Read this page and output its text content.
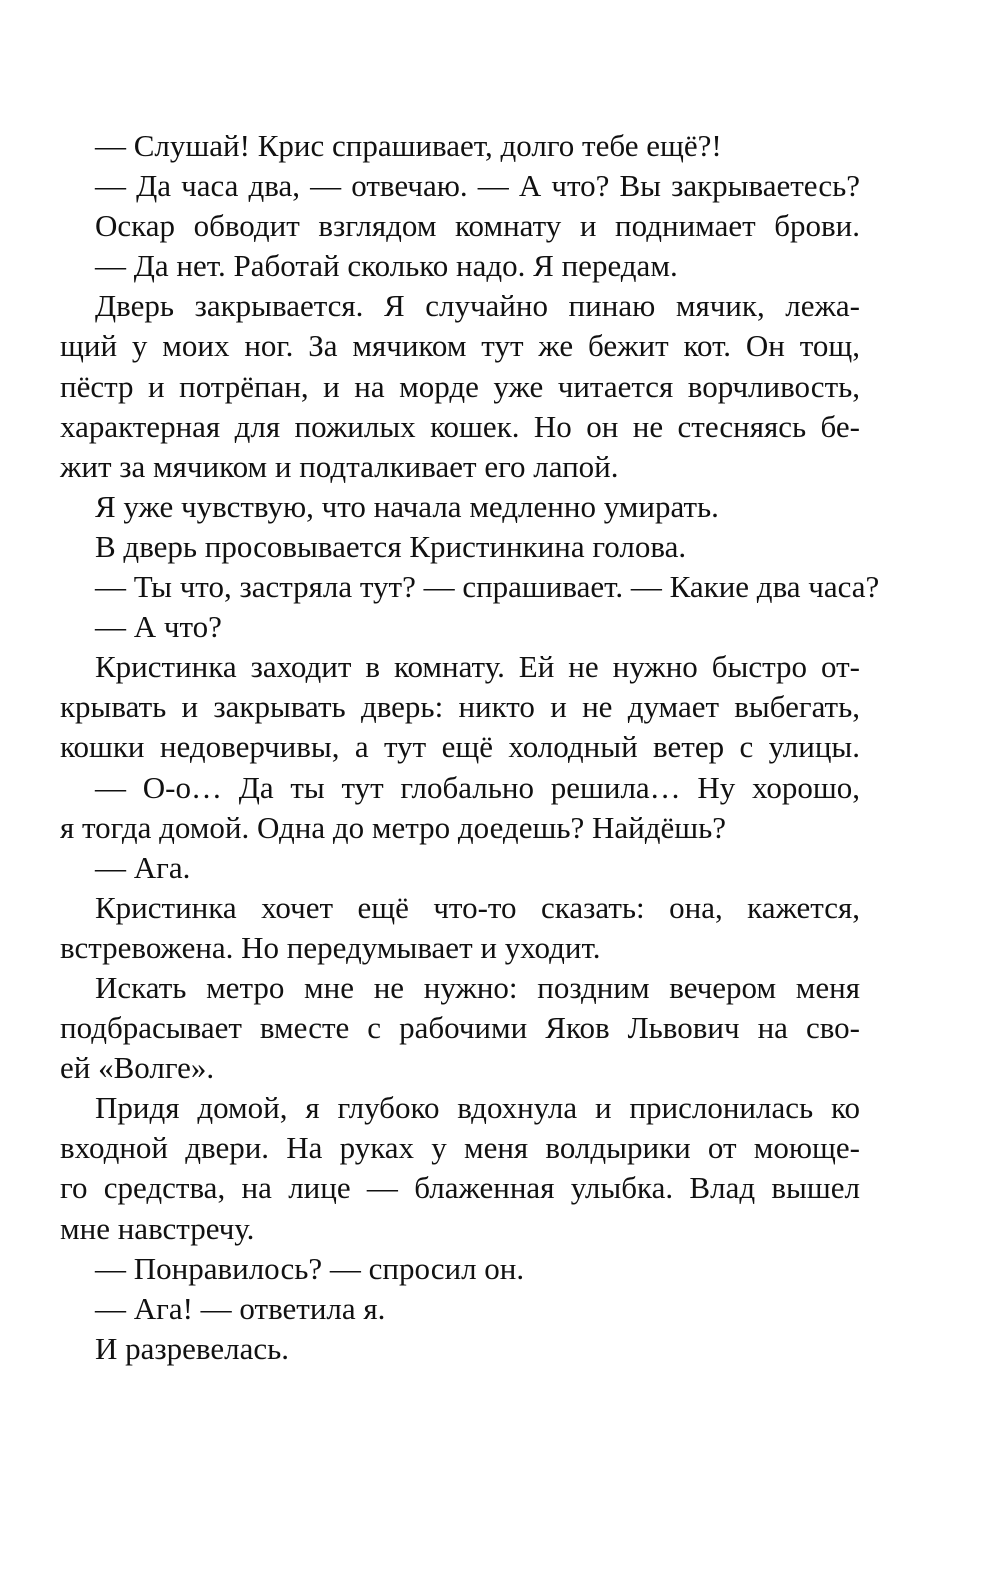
— Слушай! Крис спрашивает, долго тебе ещё?!
— Да часа два, — отвечаю. — А что? Вы закрываетесь?
Оскар обводит взглядом комнату и поднимает брови.
— Да нет. Работай сколько надо. Я передам.
Дверь закрывается. Я случайно пинаю мячик, лежа-
щий у моих ног. За мячиком тут же бежит кот. Он тощ,
пёстр и потрёпан, и на морде уже читается ворчливость,
характерная для пожилых кошек. Но он не стесняясь бе-
жит за мячиком и подталкивает его лапой.
Я уже чувствую, что начала медленно умирать.
В дверь просовывается Кристинкина голова.
— Ты что, застряла тут? — спрашивает. — Какие два часа?
— А что?
Кристинка заходит в комнату. Ей не нужно быстро от-
крывать и закрывать дверь: никто и не думает выбегать,
кошки недоверчивы, а тут ещё холодный ветер с улицы.
— О-о… Да ты тут глобально решила… Ну хорошо,
я тогда домой. Одна до метро доедешь? Найдёшь?
— Ага.
Кристинка хочет ещё что-то сказать: она, кажется,
встревожена. Но передумывает и уходит.
Искать метро мне не нужно: поздним вечером меня
подбрасывает вместе с рабочими Яков Львович на сво-
ей «Волге».
Придя домой, я глубоко вдохнула и прислонилась ко
входной двери. На руках у меня волдырики от моюще-
го средства, на лице — блаженная улыбка. Влад вышел
мне навстречу.
— Понравилось? — спросил он.
— Ага! — ответила я.
И разревелась.
